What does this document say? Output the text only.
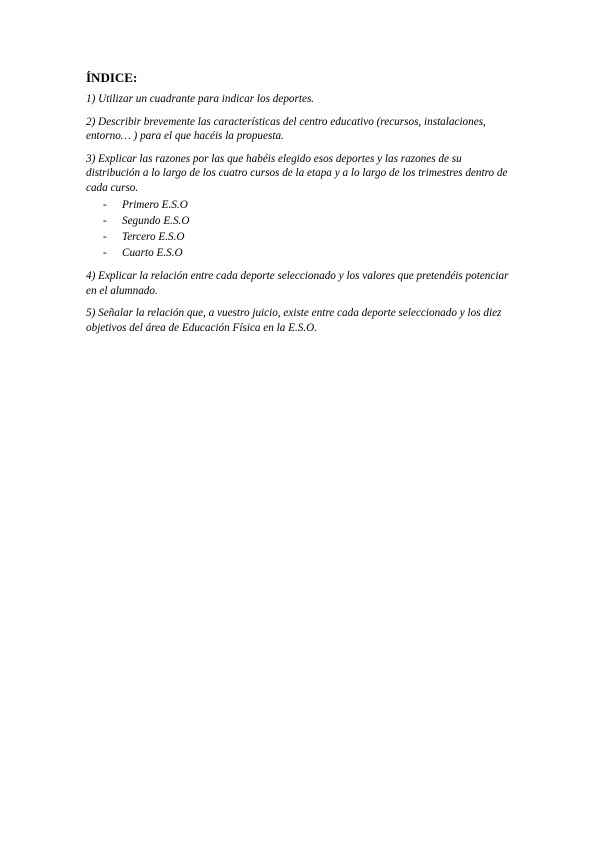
ÍNDICE:

1) Utilizar un cuadrante para indicar los deportes.

2) Describir brevemente las características del centro educativo (recursos, instalaciones, entorno… ) para el que hacéis la propuesta.

3) Explicar las razones por las que habéis elegido esos deportes y las razones de su distribución a lo largo de los cuatro cursos de la etapa y a lo largo de los trimestres dentro de cada curso.

-	Primero E.S.O
-	Segundo E.S.O
-	Tercero E.S.O
-	Cuarto E.S.O

4) Explicar la relación entre cada deporte seleccionado y los valores que pretendéis potenciar en el alumnado.

5) Señalar la relación que, a vuestro juicio, existe entre cada deporte seleccionado y los diez objetivos del área de Educación Física en la E.S.O.
